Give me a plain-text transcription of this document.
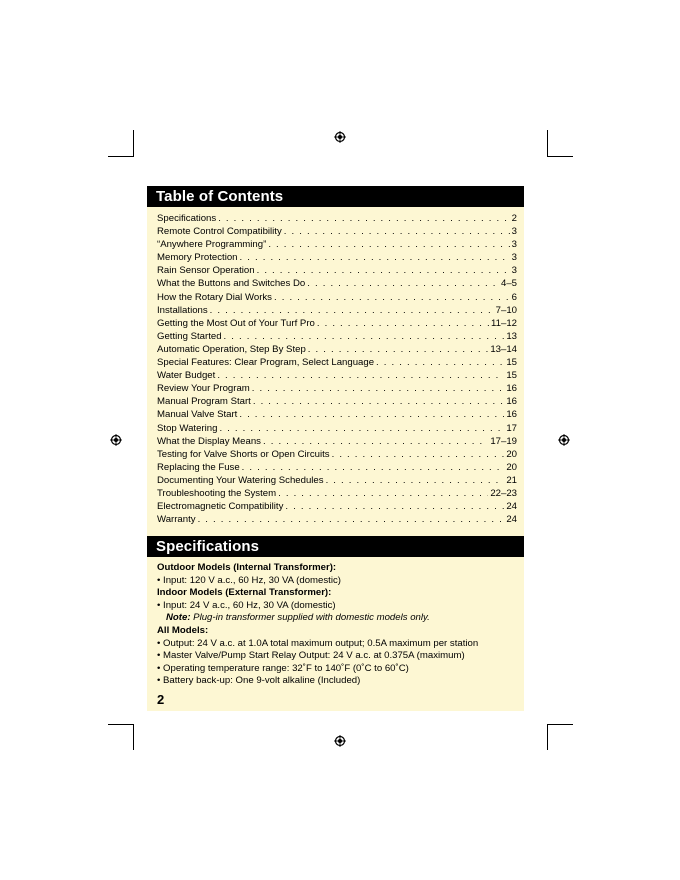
Table of Contents
Specifications . . .	2
Remote Control Compatibility . . .	3
“Anywhere Programming” . . .	3
Memory Protection . . .	3
Rain Sensor Operation . . .	3
What the Buttons and Switches Do . . .	4–5
How the Rotary Dial Works . . .	6
Installations . . .	7–10
Getting the Most Out of Your Turf Pro . . .	11–12
Getting Started . . .	13
Automatic Operation, Step By Step . . .	13–14
Special Features: Clear Program, Select Language . . .	15
Water Budget . . .	15
Review Your Program . . .	16
Manual Program Start . . .	16
Manual Valve Start . . .	16
Stop Watering . . .	17
What the Display Means . . .	17–19
Testing for Valve Shorts or Open Circuits . . .	20
Replacing the Fuse . . .	20
Documenting Your Watering Schedules . . .	21
Troubleshooting the System . . .	22–23
Electromagnetic Compatibility . . .	24
Warranty . . .	24
Specifications
Outdoor Models (Internal Transformer):
• Input: 120 V a.c., 60 Hz, 30 VA (domestic)
Indoor Models (External Transformer):
• Input: 24 V a.c., 60 Hz, 30 VA (domestic)
Note: Plug-in transformer supplied with domestic models only.
All Models:
• Output: 24 V a.c. at 1.0A total maximum output; 0.5A maximum per station
• Master Valve/Pump Start Relay Output: 24 V a.c. at 0.375A (maximum)
• Operating temperature range: 32˚F to 140˚F (0˚C to 60˚C)
• Battery back-up: One 9-volt alkaline (Included)
2
